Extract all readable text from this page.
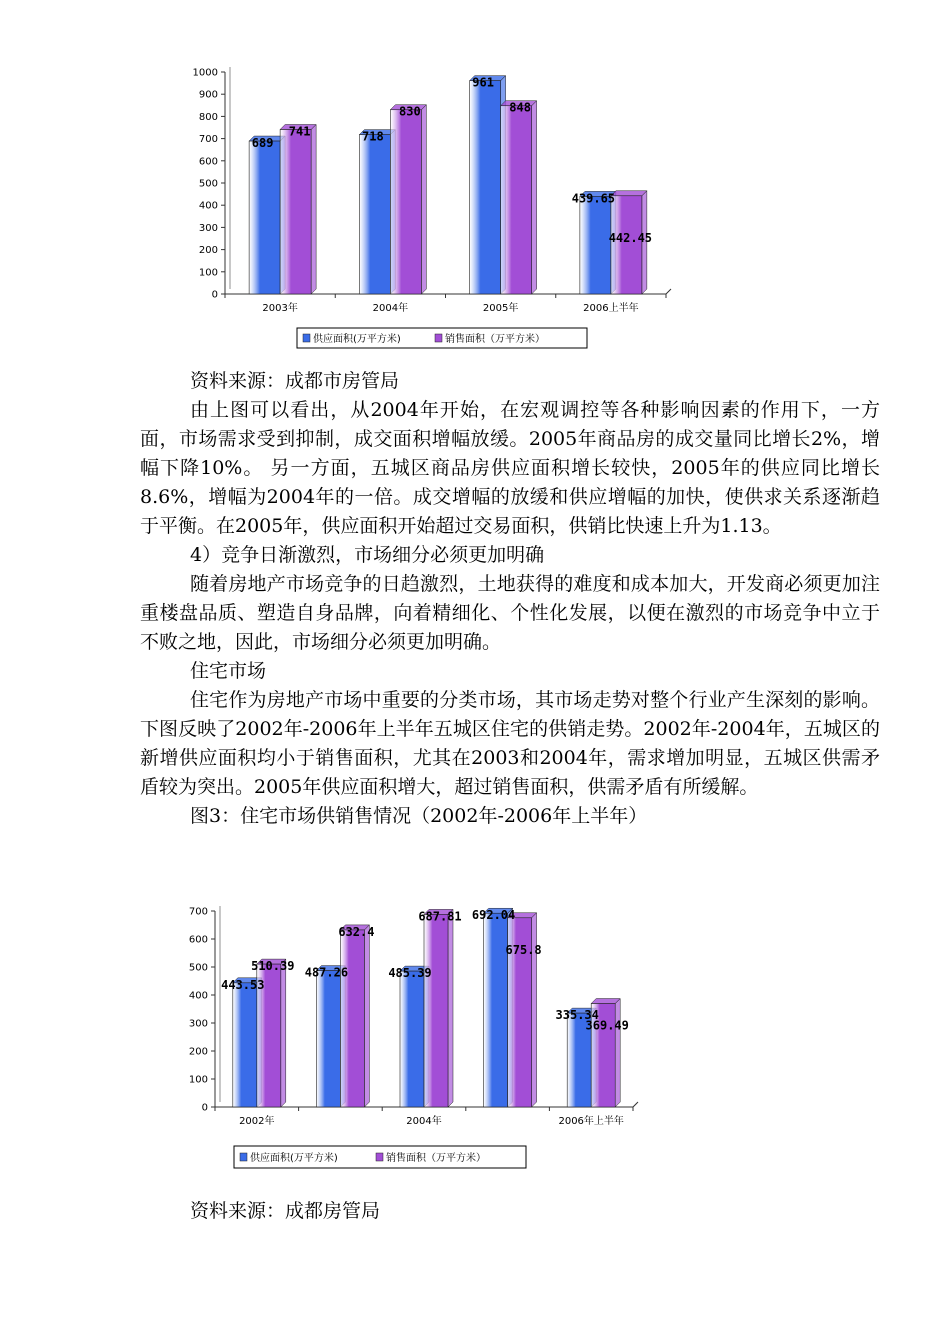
0
100
200
300
400
500
600
700
800
900
1000
689
741	718
830
961
848
439.65
442.45
2003年	2004年	2005年	2006上半年
供应面积(万平方米)	销售面积（万平方米）

资料来源：成都市房管局

由上图可以看出，从2004年开始，在宏观调控等各种影响因素的作用下，一方面，市场需求受到抑制，成交面积增幅放缓。2005年商品房的成交量同比增长2%，增幅下降10%。 另一方面，五城区商品房供应面积增长较快，2005年的供应同比增长8.6%，增幅为2004年的一倍。成交增幅的放缓和供应增幅的加快，使供求关系逐渐趋于平衡。在2005年，供应面积开始超过交易面积，供销比快速上升为1.13。

4）竞争日渐激烈，市场细分必须更加明确

随着房地产市场竞争的日趋激烈，土地获得的难度和成本加大，开发商必须更加注重楼盘品质、塑造自身品牌，向着精细化、个性化发展，以便在激烈的市场竞争中立于不败之地，因此，市场细分必须更加明确。

住宅市场

住宅作为房地产市场中重要的分类市场，其市场走势对整个行业产生深刻的影响。下图反映了2002年-2006年上半年五城区住宅的供销走势。2002年-2004年，五城区的新增供应面积均小于销售面积，尤其在2003和2004年，需求增加明显，五城区供需矛盾较为突出。2005年供应面积增大，超过销售面积，供需矛盾有所缓解。

图3：住宅市场供销售情况（2002年-2006年上半年）

0
100
200
300
400
500
600
700
443.53
510.39 487.26
632.4
485.39
687.81 692.04
675.8
335.34
369.49
2002年	2004年	2006年上半年
供应面积(万平方米)	销售面积（万平方米）

资料来源：成都房管局
